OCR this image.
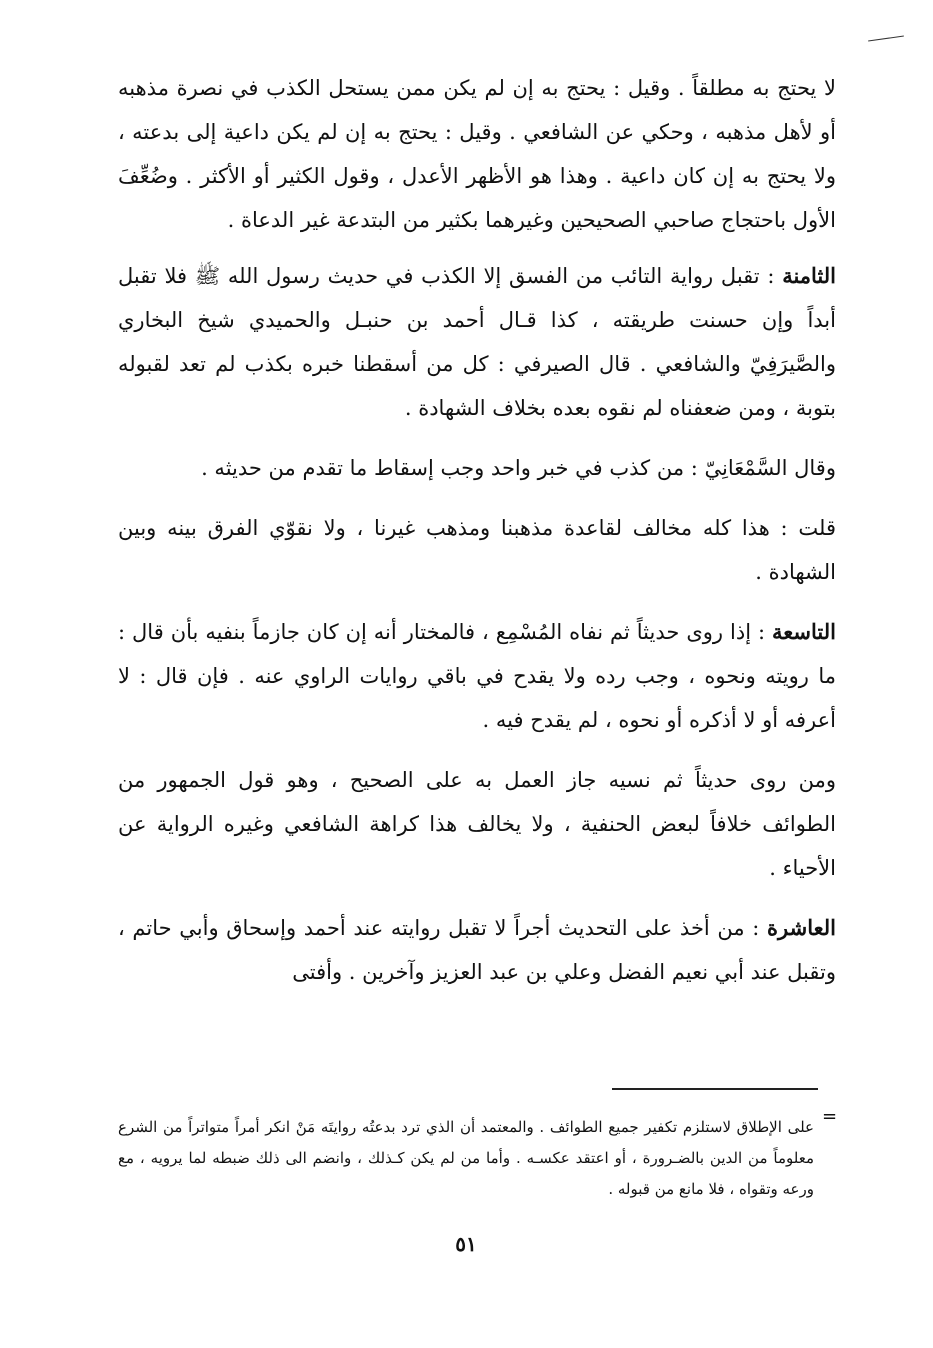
لا يحتج به مطلقاً . وقيل : يحتج به إن لم يكن ممن يستحل الكذب في نصرة مذهبه أو لأهل مذهبه ، وحكي عن الشافعي . وقيل : يحتج به إن لم يكن داعية إلى بدعته ، ولا يحتج به إن كان داعية . وهذا هو الأظهر الأعدل ، وقول الكثير أو الأكثر . وضُعِّفَ الأول باحتجاج صاحبي الصحيحين وغيرهما بكثير من البتدعة غير الدعاة .

الثامنة : تقبل رواية التائب من الفسق إلا الكذب في حديث رسول الله ﷺ فلا تقبل أبداً وإن حسنت طريقته ، كذا قـال أحمد بن حنبـل والحميدي شيخ البخاري والصَّيرَفِيّ والشافعي . قال الصيرفي : كل من أسقطنا خبره بكذب لم تعد لقبوله بتوبة ، ومن ضعفناه لم نقوه بعده بخلاف الشهادة .

وقال السَّمْعَانِيّ : من كذب في خبر واحد وجب إسقاط ما تقدم من حديثه .

قلت : هذا كله مخالف لقاعدة مذهبنا ومذهب غيرنا ، ولا نقوّي الفرق بينه وبين الشهادة .

التاسعة : إذا روى حديثاً ثم نفاه المُسْمِع ، فالمختار أنه إن كان جازماً بنفيه بأن قال : ما رويته ونحوه ، وجب رده ولا يقدح في باقي روايات الراوي عنه . فإن قال : لا أعرفه أو لا أذكره أو نحوه ، لم يقدح فيه .

ومن روى حديثاً ثم نسيه جاز العمل به على الصحيح ، وهو قول الجمهور من الطوائف خلافاً لبعض الحنفية ، ولا يخالف هذا كراهة الشافعي وغيره الرواية عن الأحياء .

العاشرة : من أخذ على التحديث أجراً لا تقبل روايته عند أحمد وإسحاق وأبي حاتم ، وتقبل عند أبي نعيم الفضل وعلي بن عبد العزيز وآخرين . وأفتى

=
على الإطلاق لاستلزم تكفير جميع الطوائف . والمعتمد أن الذي ترد بدعتُه روايتَه مَنْ انكر أمراً متواتراً من الشرع معلوماً من الدين بالضـرورة ، أو اعتقد عكسـه . وأما من لم يكن كـذلك ، وانضم الى ذلك ضبطه لما يرويه ، مع ورعه وتقواه ، فلا مانع من قبوله .
٥١
